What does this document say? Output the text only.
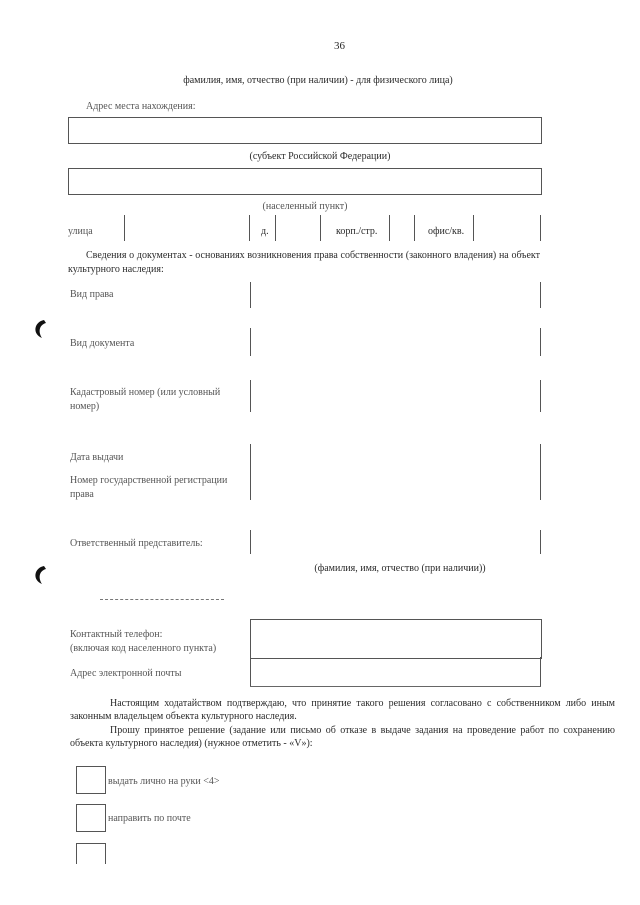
36
фамилия, имя, отчество (при наличии) - для физического лица)
Адрес места нахождения:
(субъект Российской Федерации)
(населенный пункт)
улица	д.	корп./стр.	офис/кв.
Сведения о документах - основаниях возникновения права собственности (законного владения) на объект культурного наследия:
Вид права
Вид документа
Кадастровый номер (или условный номер)
Дата выдачи
Номер государственной регистрации права
Ответственный представитель:
(фамилия, имя, отчество (при наличии))
Контактный телефон:
(включая код населенного пункта)
Адрес электронной почты
Настоящим ходатайством подтверждаю, что принятие такого решения согласовано с собственником либо иным законным владельцем объекта культурного наследия.
Прошу принятое решение (задание или письмо об отказе в выдаче задания на проведение работ по сохранению объекта культурного наследия) (нужное отметить - «V»):
выдать лично на руки <4>
направить по почте
